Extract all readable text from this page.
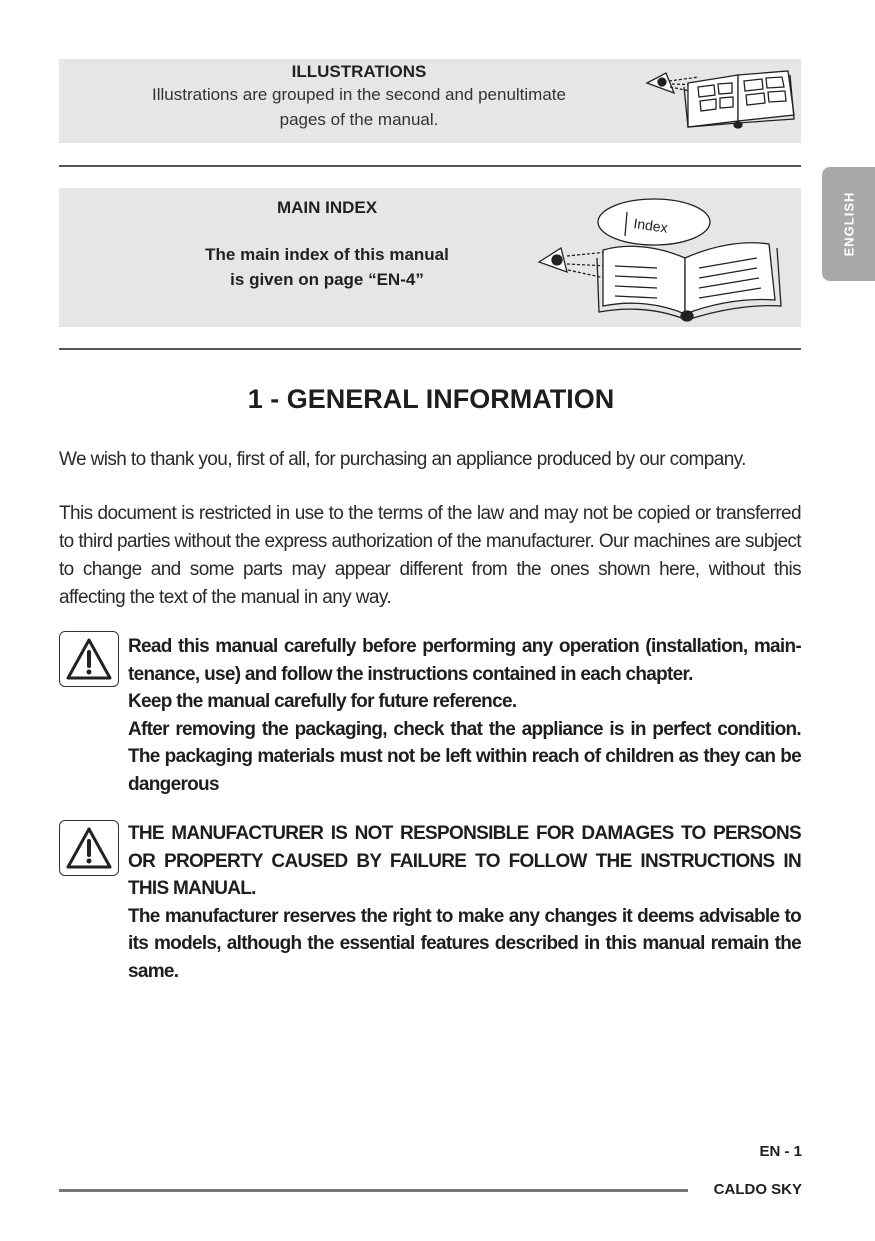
ILLUSTRATIONS
Illustrations are grouped in the second and penultimate
pages of the manual.
ENGLISH
MAIN INDEX
The main index of this manual
is given on page “EN-4”
Index
1 - GENERAL INFORMATION
We wish to thank you, first of all, for purchasing an appliance produced by our company.
This document is restricted in use to the terms of the law and may not be copied or transferred to third parties without the express authorization of the manufacturer. Our machines are subject to change and some parts may appear different from the ones shown here, without this affecting the text of the manual in any way.

Read this manual carefully before performing any operation (installation, main-tenance, use) and follow the instructions contained in each chapter.

Keep the manual carefully for future reference.

After removing the packaging, check that the appliance is in perfect condition. The packaging materials must not be left within reach of children as they can be dangerous

THE MANUFACTURER IS NOT RESPONSIBLE FOR DAMAGES TO PERSONS OR PROPERTY CAUSED BY FAILURE TO FOLLOW THE INSTRUCTIONS IN THIS MANUAL.

The manufacturer reserves the right to make any changes it deems advisable to its models, although the essential features described in this manual remain the same.

EN - 1
CALDO SKY
